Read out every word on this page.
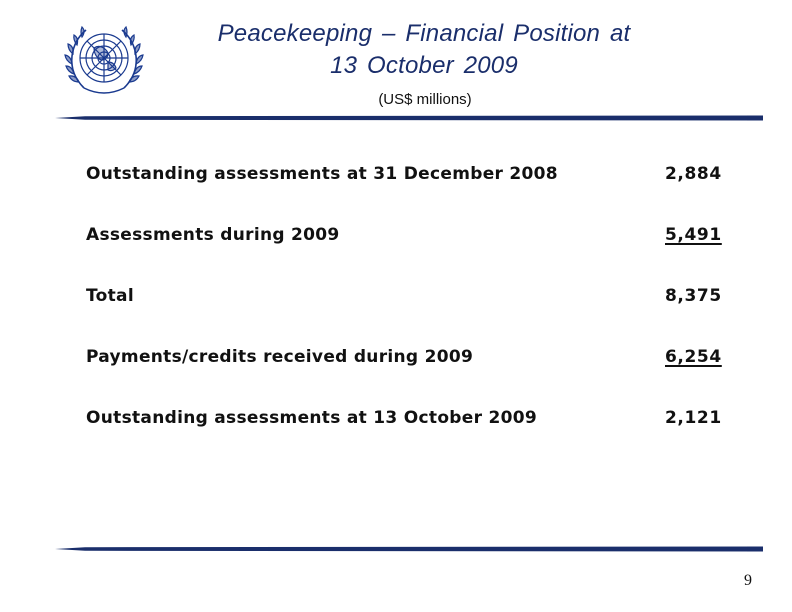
Peacekeeping – Financial Position at
13 October 2009
(US$ millions)
Outstanding assessments at 31 December 2008	2,884
Assessments during 2009	5,491
Total	8,375
Payments/credits received during 2009	6,254
Outstanding assessments at 13 October 2009	2,121
9
